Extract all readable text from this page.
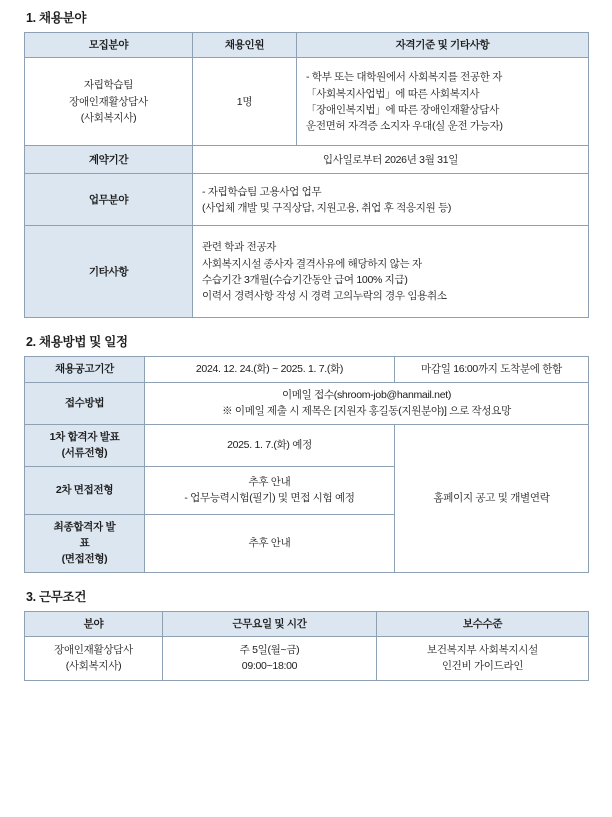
1. 채용분야
모집분야	채용인원	자격기준 및 기타사항

자립학습팀
장애인재활상담사
(사회복지사)	1명	- 학부 또는 대학원에서 사회복지를 전공한 자
「사회복지사업법」에 따른 사회복지사
「장애인복지법」에 따른 장애인재활상담사
운전면허 자격증 소지자 우대(실 운전 가능자)

계약기간	입사일로부터 2026년 3월 31일	

업무분야	- 자립학습팀 고용사업 업무
(사업체 개발 및 구직상담, 지원고용, 취업 후 적응지원 등)	

기타사항	관련 학과 전공자
사회복지시설 종사자 결격사유에 해당하지 않는 자
수습기간 3개월(수습기간동안 급여 100% 지급)
이력서 경력사항 작성 시 경력 고의누락의 경우 임용취소	
2. 채용방법 및 일정
채용공고기간	2024. 12. 24.(화) ~ 2025. 1. 7.(화)	마감일 16:00까지 도착분에 한함

접수방법	이메일 접수(shroom-job@hanmail.net)
※ 이메일 제출 시 제목은 [지원자 홍길동(지원분야)] 으로 작성요망	

1차 합격자 발표
(서류전형)	2025. 1. 7.(화) 예정	홈페이지 공고 및 개별연락

2차 면접전형	추후 안내
- 업무능력시험(필기) 및 면접 시험 예정	

최종합격자 발
표
(면접전형)	추후 안내	
3. 근무조건
분야	근무요일 및 시간	보수수준

장애인재활상담사
(사회복지사)	주 5일(월~금)
09:00~18:00	보건복지부 사회복지시설
인건비 가이드라인
